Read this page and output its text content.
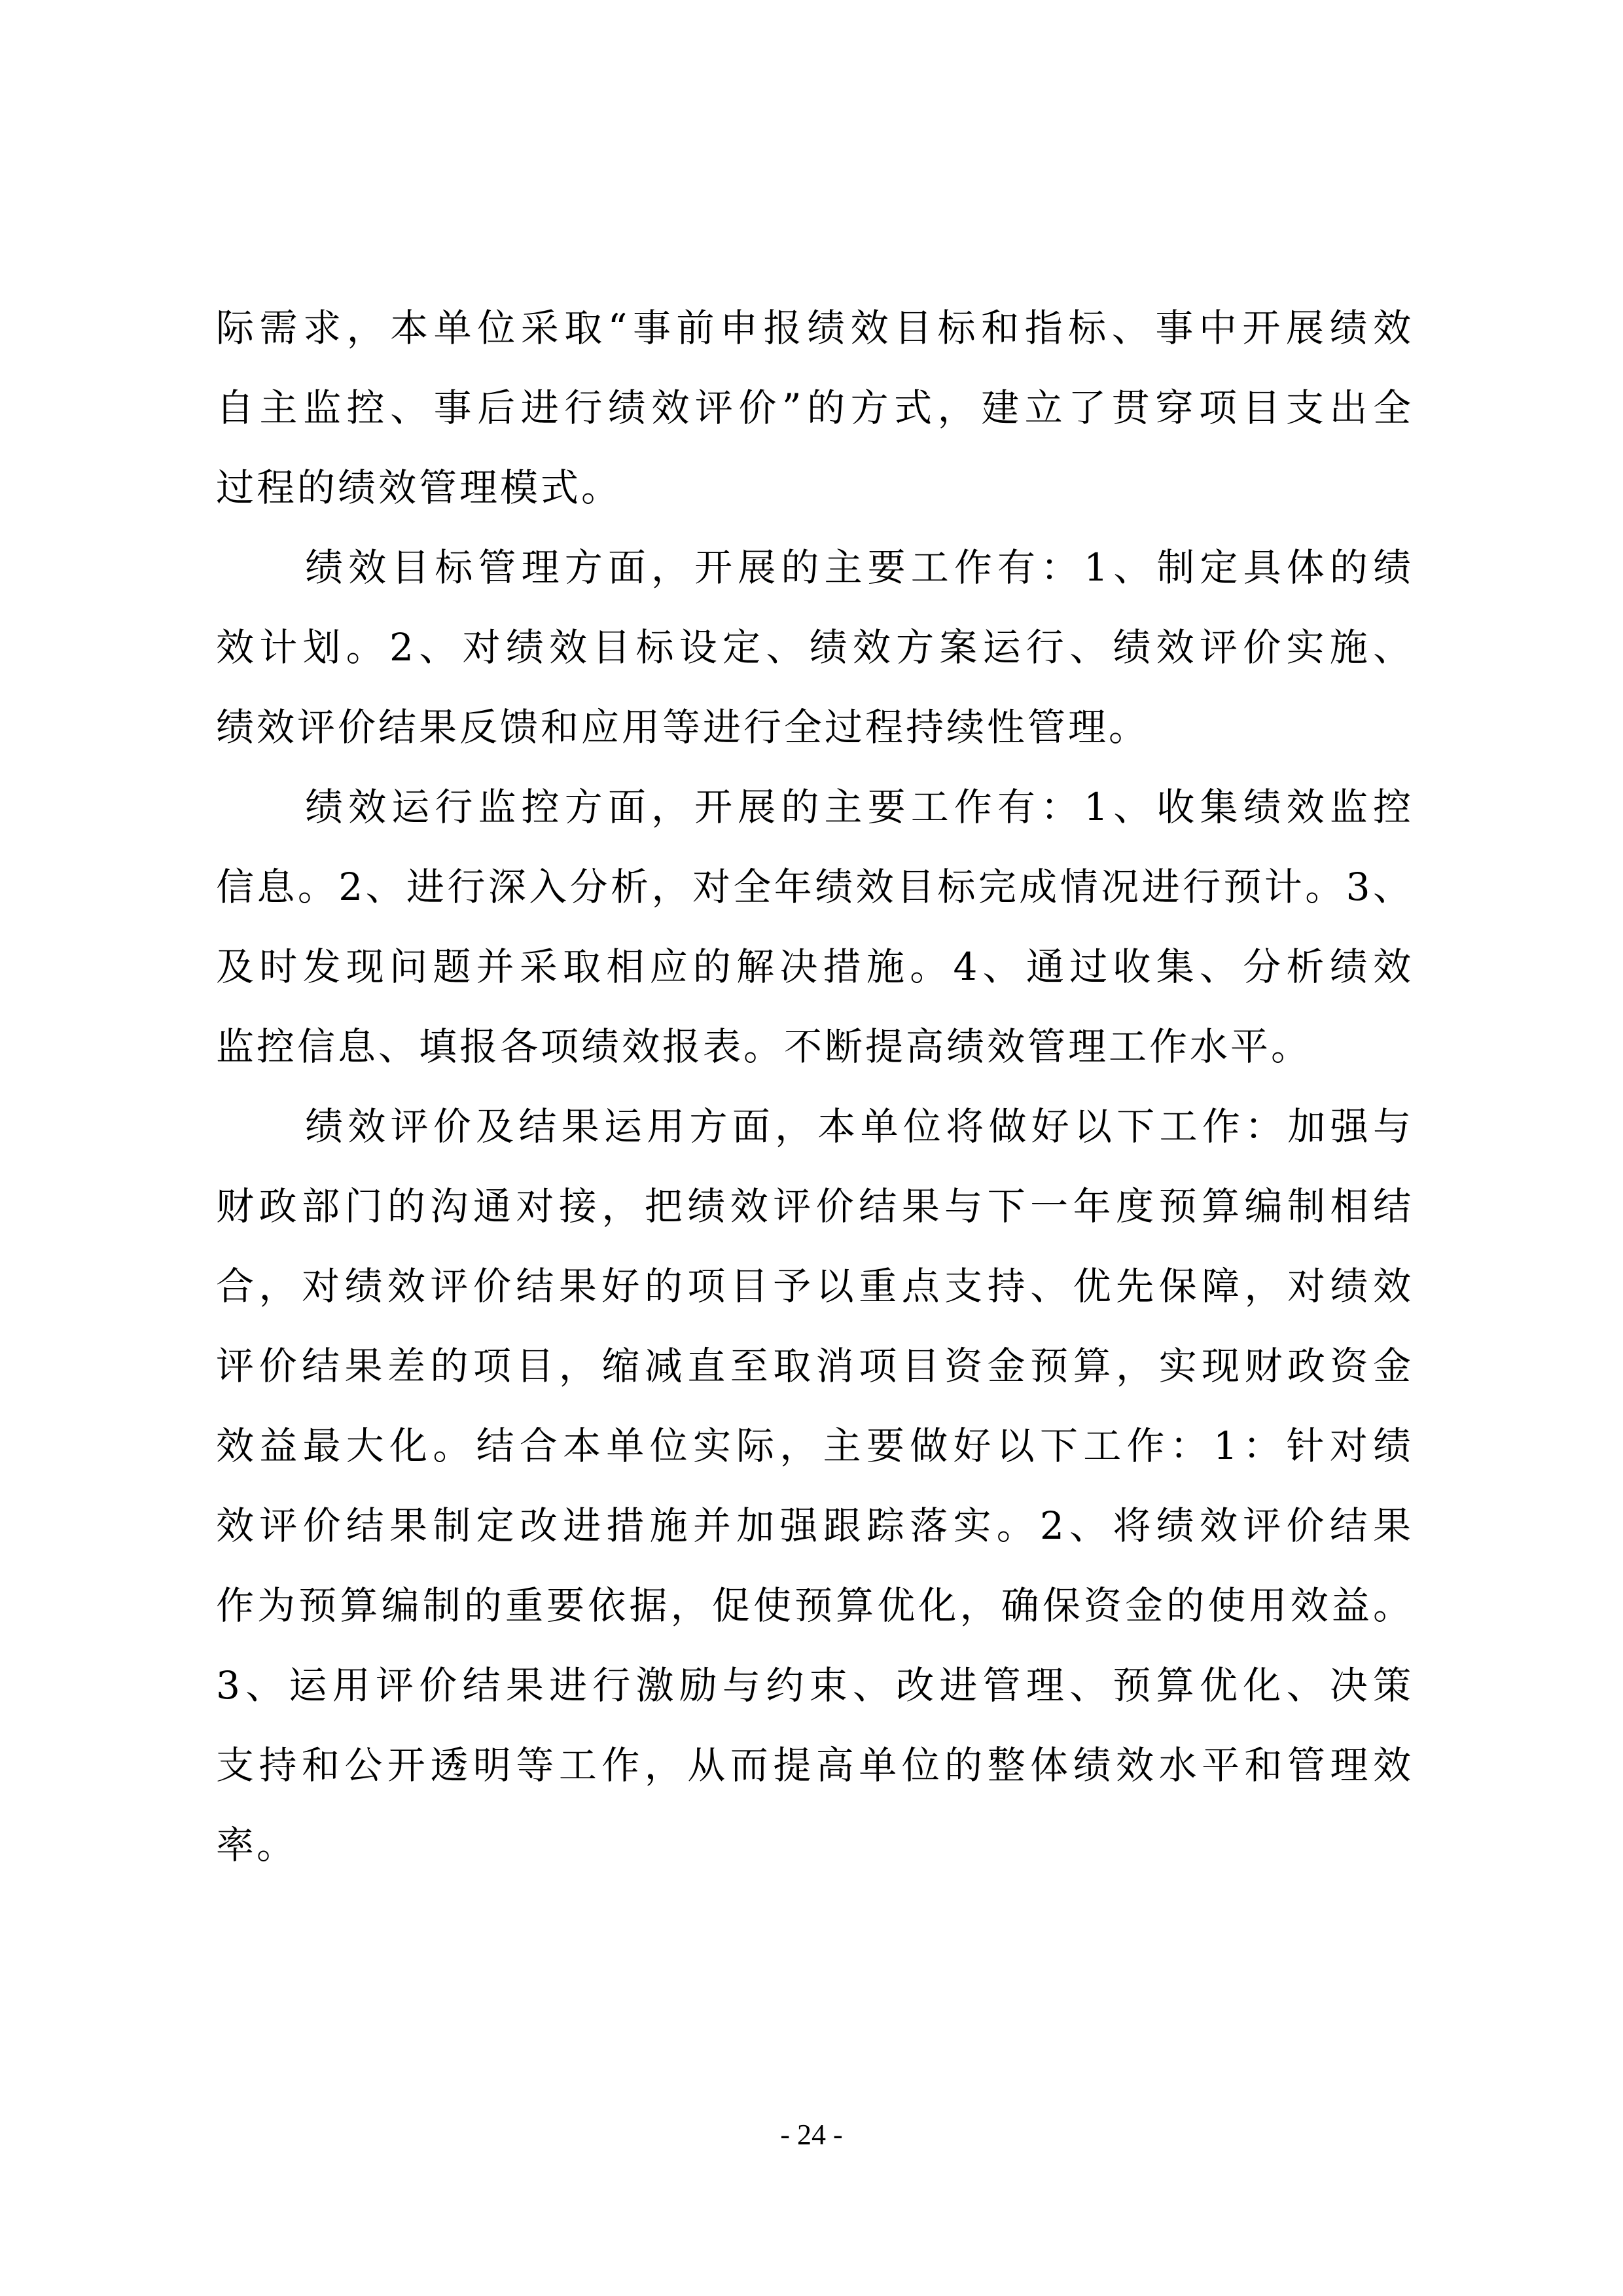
际需求，本单位采取“事前申报绩效目标和指标、事中开展绩效
自主监控、事后进行绩效评价”的方式，建立了贯穿项目支出全
过程的绩效管理模式。
绩效目标管理方面，开展的主要工作有：1、制定具体的绩
效计划。2、对绩效目标设定、绩效方案运行、绩效评价实施、
绩效评价结果反馈和应用等进行全过程持续性管理。
绩效运行监控方面，开展的主要工作有：1、收集绩效监控
信息。2、进行深入分析，对全年绩效目标完成情况进行预计。3、
及时发现问题并采取相应的解决措施。4、通过收集、分析绩效
监控信息、填报各项绩效报表。不断提高绩效管理工作水平。
绩效评价及结果运用方面，本单位将做好以下工作：加强与
财政部门的沟通对接，把绩效评价结果与下一年度预算编制相结
合，对绩效评价结果好的项目予以重点支持、优先保障，对绩效
评价结果差的项目，缩减直至取消项目资金预算，实现财政资金
效益最大化。结合本单位实际，主要做好以下工作：1：针对绩
效评价结果制定改进措施并加强跟踪落实。2、将绩效评价结果
作为预算编制的重要依据，促使预算优化，确保资金的使用效益。
3、运用评价结果进行激励与约束、改进管理、预算优化、决策
支持和公开透明等工作，从而提高单位的整体绩效水平和管理效
率。
- 24 -
